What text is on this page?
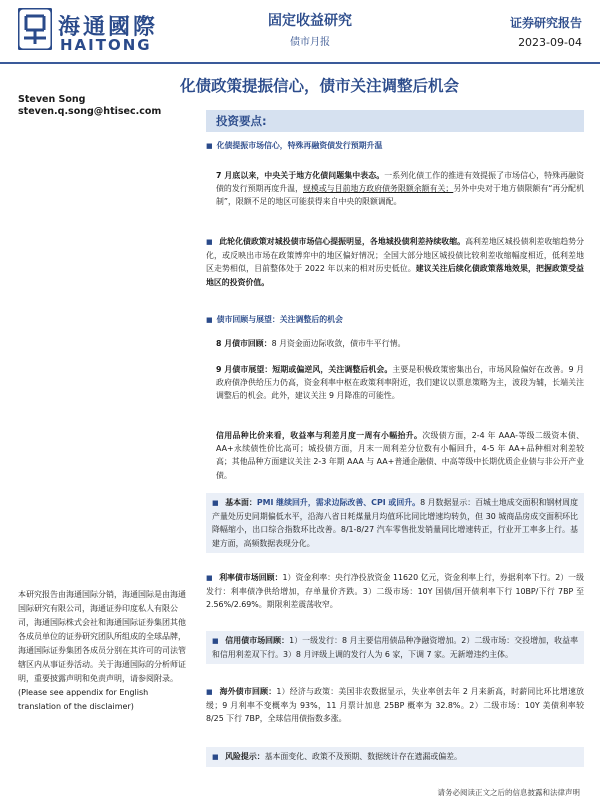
海通國際
HAITONG
固定收益研究
债市月报
证券研究报告
2023-09-04
化债政策提振信心，债市关注调整后机会
Steven Song
steven.q.song@htisec.com
投资要点:
■ 化债提振市场信心，特殊再融资债发行预期升温
7 月底以来，中央关于地方化债问题集中表态。一系列化债工作的推进有效提振了市场信心，特殊再融资债的发行预期再度升温，规模或与目前地方政府债务限额余额有关；另外中央对于地方债限额有“再分配机制”，限额不足的地区可能获得来自中央的限额调配。
■ 此轮化债政策对城投债市场信心提振明显，各地城投债利差持续收缩。高利差地区城投债利差收缩趋势分化，或反映出市场在政策博弈中的地区偏好情况；全国大部分地区城投债比较利差收缩幅度相近，低利差地区走势相似，目前整体处于 2022 年以来的相对历史低位。建议关注后续化债政策落地效果，把握政策受益地区的投资价值。
■ 债市回顾与展望：关注调整后的机会
8 月债市回顾：8 月资金面边际收敛，债市牛平行情。
9 月债市展望：短期或偏逆风，关注调整后机会。主要是积极政策密集出台，市场风险偏好在改善。9 月政府债净供给压力仍高，资金利率中枢在政策利率附近，我们建议以票息策略为主，波段为辅，长端关注调整后的机会。此外，建议关注 9 月降准的可能性。
信用品种比价来看，收益率与利差月度一周有小幅抬升。次级债方面，2-4 年 AAA-等级二级资本债、AA+永续债性价比高可；城投债方面，月末一周利差分位数有小幅回升，4-5 年 AA+品种相对利差较高；其他品种方面建议关注 2-3 年期 AAA 与 AA+普通企融债、中高等级中长期优质企业债与非公开产业债。
■ 基本面：PMI 继续回升，需求边际改善、CPI 或回升。8 月数据显示：百城土地成交面积和钢材周度产量处历史同期偏低水平，沿海八省日耗煤量月均值环比同比增速均转负，但 30 城商品房成交面积环比降幅缩小，出口综合指数环比改善。8/1-8/27 汽车零售批发销量同比增速转正，行业开工率多上行。基建方面，高频数据表现分化。
■ 利率债市场回顾：1）资金利率：央行净投放资金 11620 亿元，资金利率上行，券据利率下行。2）一级发行：利率债净供给增加，存单量价齐跌。3）二级市场：10Y 国债/国开债利率下行 10BP/下行 7BP 至 2.56%/2.69%。期限利差震荡收窄。
■ 信用债市场回顾：1）一级发行：8 月主要信用债品种净融资增加。2）二级市场：交投增加，收益率和信用利差双下行。3）8 月评级上调的发行人为 6 家，下调 7 家。无新增违约主体。
■ 海外债市回顾：1）经济与政策：美国非农数据显示，失业率创去年 2 月来新高，时薪同比环比增速放缓；9 月利率不变概率为 93%，11 月票计加息 25BP 概率为 32.8%。2）二级市场：10Y 美债利率较 8/25 下行 7BP，全球信用债指数多涨。
■ 风险提示：基本面变化、政策不及预期、数据统计存在遗漏或偏差。
本研究报告由海通国际分销，海通国际是由海通国际研究有限公司，海通证券印度私人有限公司，海通国际株式会社和海通国际证券集团其他各成员单位的证券研究团队所组成的全球品牌，海通国际证券集团各成员分别在其许可的司法管辖区内从事证券活动。关于海通国际的分析师证明，重要披露声明和免责声明，请参阅附录。(Please see appendix for English translation of the disclaimer)
请务必阅读正文之后的信息披露和法律声明
